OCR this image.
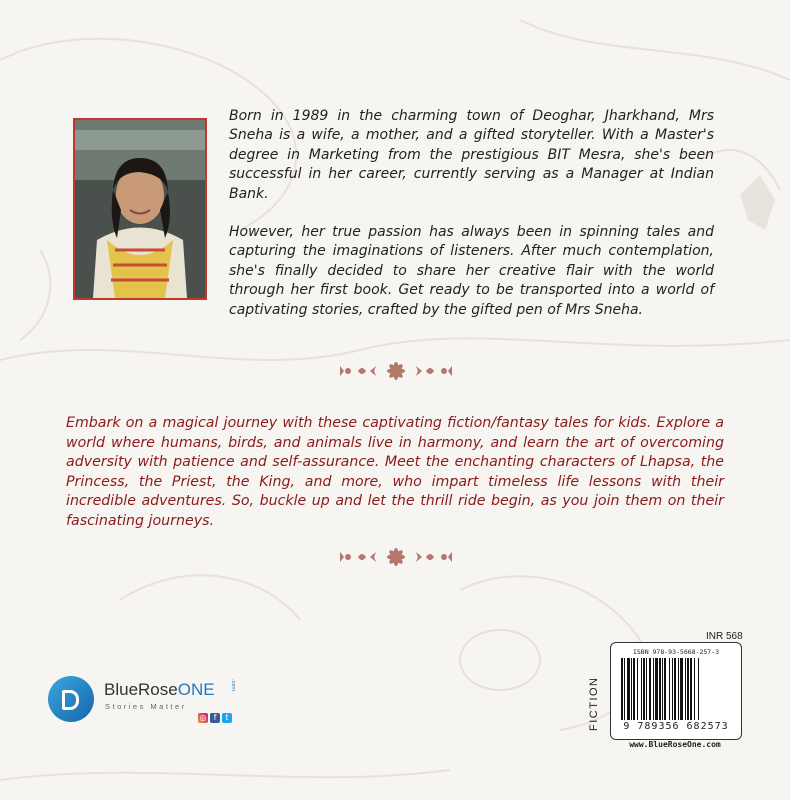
Born in 1989 in the charming town of Deoghar, Jharkhand, Mrs Sneha is a wife, a mother, and a gifted storyteller. With a Master's degree in Marketing from the prestigious BIT Mesra, she's been successful in her career, currently serving as a Manager at Indian Bank.

However, her true passion has always been in spinning tales and capturing the imaginations of listeners. After much contemplation, she's finally decided to share her creative flair with the world through her first book. Get ready to be transported into a world of captivating stories, crafted by the gifted pen of Mrs Sneha.

Embark on a magical journey with these captivating fiction/fantasy tales for kids. Explore a world where humans, birds, and animals live in harmony, and learn the art of overcoming adversity with patience and self-assurance. Meet the enchanting characters of Lhapsa, the Princess, the Priest, the King, and more, who impart timeless life lessons with their incredible adventures. So, buckle up and let the thrill ride begin, as you join them on their fascinating journeys.
BlueRoseONE	.com
Stories Matter
◎ f t
INR 568
FICTION
ISBN 978-93-5668-257-3
9 789356 682573
www.BlueRoseOne.com
